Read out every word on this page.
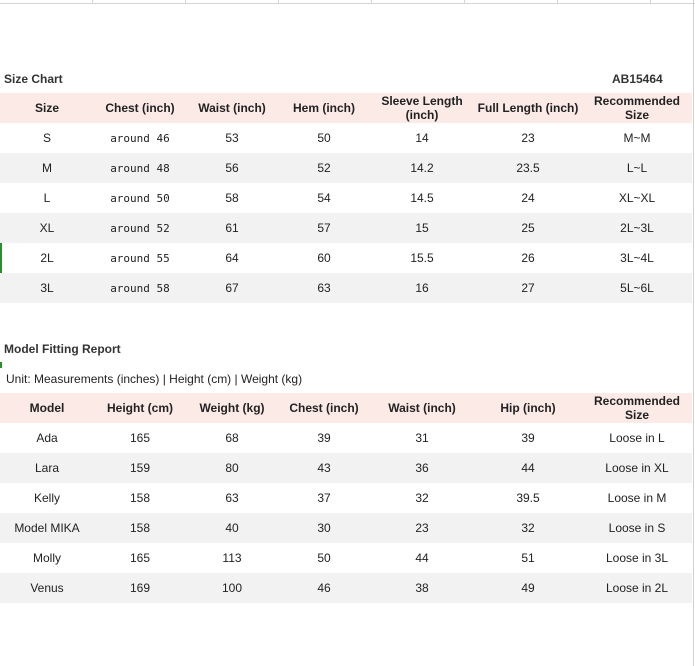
Size Chart	AB15464
Size	Chest (inch)	Waist (inch)	Hem (inch)	Sleeve Length (inch)	Full Length (inch)	Recommended Size
S	around 46	53	50	14	23	M~M
M	around 48	56	52	14.2	23.5	L~L
L	around 50	58	54	14.5	24	XL~XL
XL	around 52	61	57	15	25	2L~3L
2L	around 55	64	60	15.5	26	3L~4L
3L	around 58	67	63	16	27	5L~6L
Model Fitting Report
Unit: Measurements (inches) | Height (cm) | Weight (kg)
Model	Height (cm)	Weight (kg)	Chest (inch)	Waist (inch)	Hip (inch)	Recommended Size
Ada	165	68	39	31	39	Loose in L
Lara	159	80	43	36	44	Loose in XL
Kelly	158	63	37	32	39.5	Loose in M
Model MIKA	158	40	30	23	32	Loose in S
Molly	165	113	50	44	51	Loose in 3L
Venus	169	100	46	38	49	Loose in 2L
